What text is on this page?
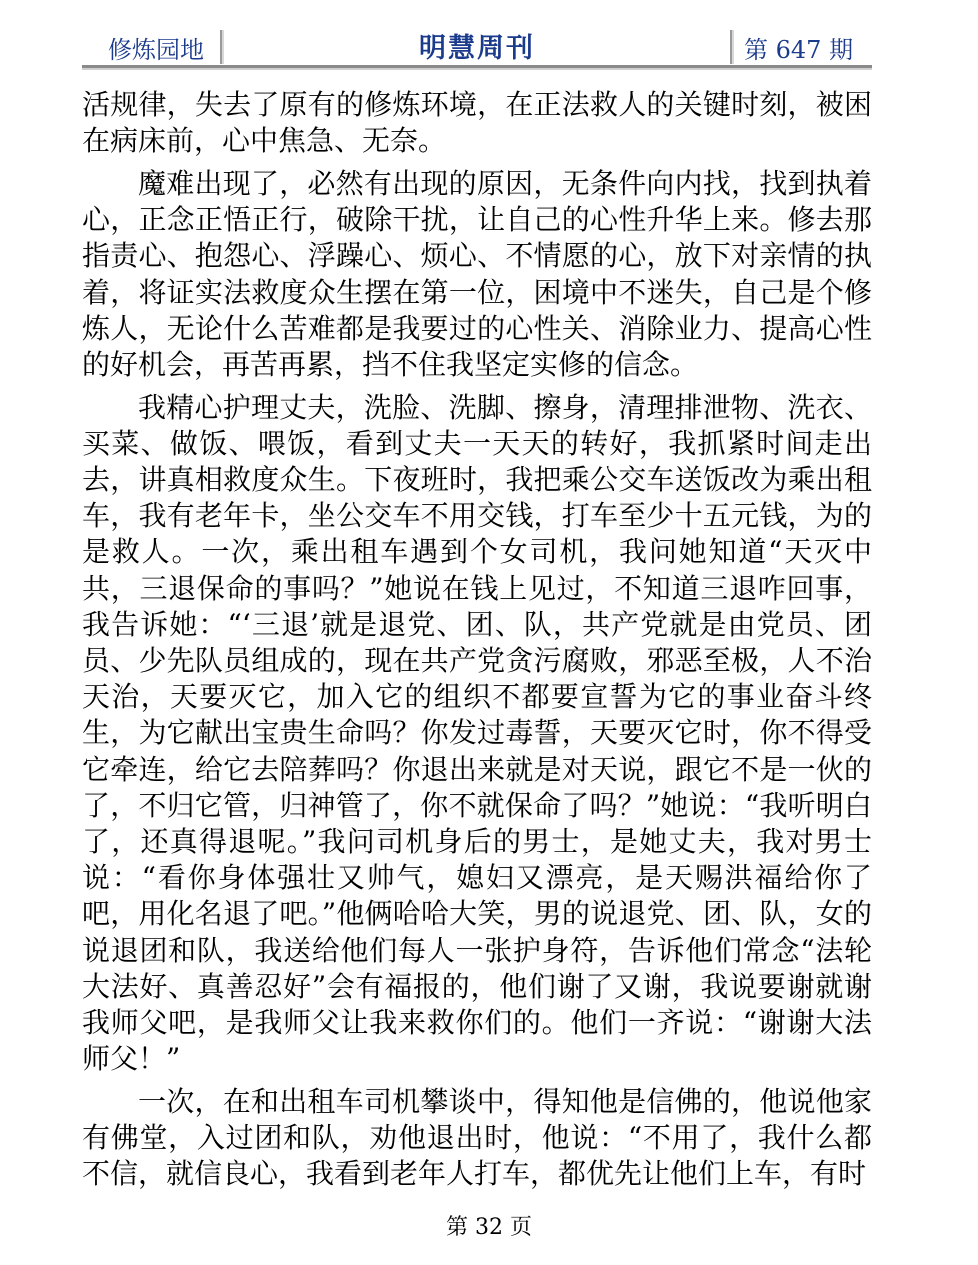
修炼园地	明慧周刊	第 647 期

活规律，失去了原有的修炼环境，在正法救人的关键时刻，被困在病床前，心中焦急、无奈。

魔难出现了，必然有出现的原因，无条件向内找，找到执着心，正念正悟正行，破除干扰，让自己的心性升华上来。修去那指责心、抱怨心、浮躁心、烦心、不情愿的心，放下对亲情的执着，将证实法救度众生摆在第一位，困境中不迷失，自己是个修炼人，无论什么苦难都是我要过的心性关、消除业力、提高心性的好机会，再苦再累，挡不住我坚定实修的信念。

我精心护理丈夫，洗脸、洗脚、擦身，清理排泄物、洗衣、买菜、做饭、喂饭，看到丈夫一天天的转好，我抓紧时间走出去，讲真相救度众生。下夜班时，我把乘公交车送饭改为乘出租车，我有老年卡，坐公交车不用交钱，打车至少十五元钱，为的是救人。一次，乘出租车遇到个女司机，我问她知道“天灭中共，三退保命的事吗？”她说在钱上见过，不知道三退咋回事，我告诉她：“‘三退’就是退党、团、队，共产党就是由党员、团员、少先队员组成的，现在共产党贪污腐败，邪恶至极，人不治天治，天要灭它，加入它的组织不都要宣誓为它的事业奋斗终生，为它献出宝贵生命吗？你发过毒誓，天要灭它时，你不得受它牵连，给它去陪葬吗？你退出来就是对天说，跟它不是一伙的了，不归它管，归神管了，你不就保命了吗？”她说：“我听明白了，还真得退呢。”我问司机身后的男士，是她丈夫，我对男士说：“看你身体强壮又帅气，媳妇又漂亮，是天赐洪福给你了吧，用化名退了吧。”他俩哈哈大笑，男的说退党、团、队，女的说退团和队，我送给他们每人一张护身符，告诉他们常念“法轮大法好、真善忍好”会有福报的，他们谢了又谢，我说要谢就谢我师父吧，是我师父让我来救你们的。他们一齐说：“谢谢大法师父！”

一次，在和出租车司机攀谈中，得知他是信佛的，他说他家有佛堂，入过团和队，劝他退出时，他说：“不用了，我什么都不信，就信良心，我看到老年人打车，都优先让他们上车，有时

第 32 页
